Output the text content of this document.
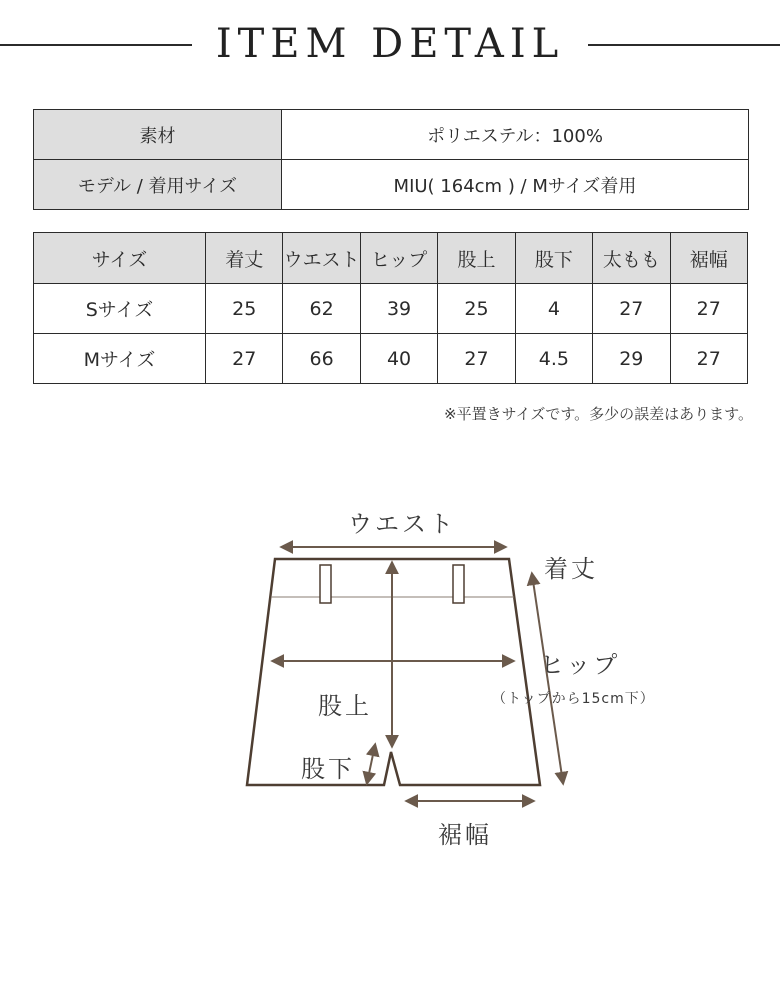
ITEM DETAIL
素材	ポリエステル：100%
モデル / 着用サイズ	MIU( 164cm ) / Mサイズ着用
サイズ	着丈	ウエスト	ヒップ	股上	股下	太もも	裾幅
Sサイズ	25	62	39	25	4	27	27
Mサイズ	27	66	40	27	4.5	29	27
※平置きサイズです。多少の誤差はあります。
ウエスト
着丈
ヒップ
（トップから15cm下）
股上
股下
裾幅
